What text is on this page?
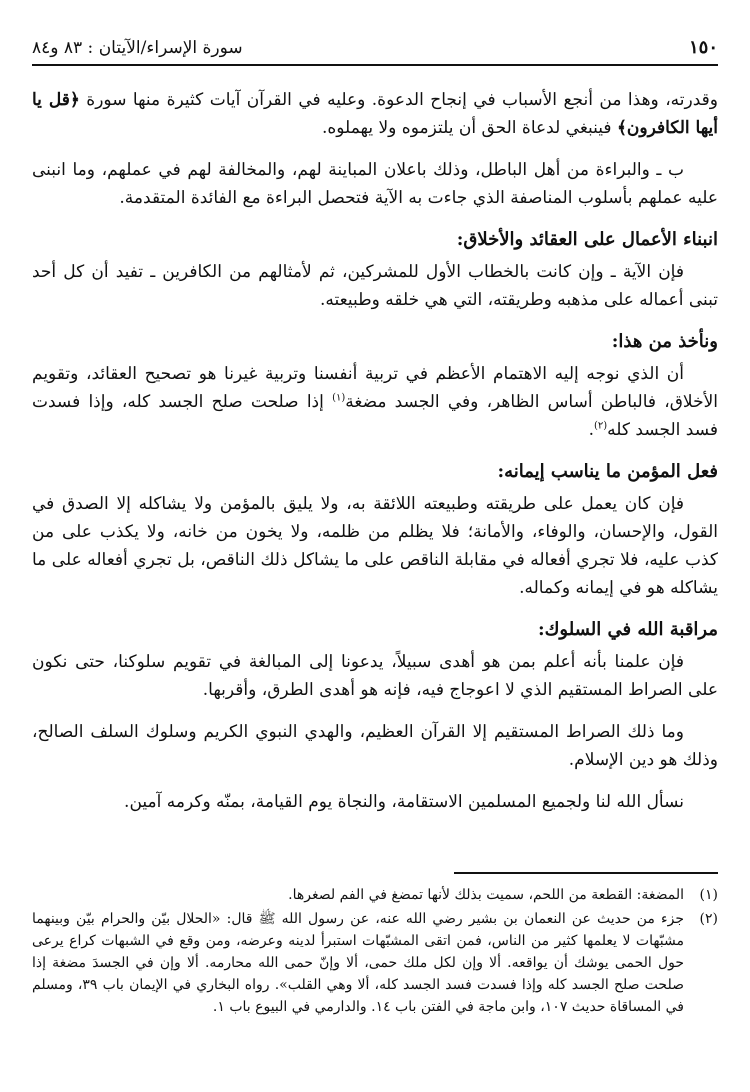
١٥٠
سورة الإسراء/الآيتان : ٨٣ و٨٤

وقدرته، وهذا من أنجع الأسباب في إنجاح الدعوة. وعليه في القرآن آيات كثيرة منها سورة ﴿قل يا أيها الكافرون﴾ فينبغي لدعاة الحق أن يلتزموه ولا يهملوه.

ب ـ والبراءة من أهل الباطل، وذلك باعلان المباينة لهم، والمخالفة لهم في عملهم، وما انبنى عليه عملهم بأسلوب المناصفة الذي جاءت به الآية فتحصل البراءة مع الفائدة المتقدمة.

انبناء الأعمال على العقائد والأخلاق:

فإن الآية ـ وإن كانت بالخطاب الأول للمشركين، ثم لأمثالهم من الكافرين ـ تفيد أن كل أحد تبنى أعماله على مذهبه وطريقته، التي هي خلقه وطبيعته.

ونأخذ من هذا:

أن الذي نوجه إليه الاهتمام الأعظم في تربية أنفسنا وتربية غيرنا هو تصحيح العقائد، وتقويم الأخلاق، فالباطن أساس الظاهر، وفي الجسد مضغة$^{(١)}$ إذا صلحت صلح الجسد كله، وإذا فسدت فسد الجسد كله$^{(٢)}$.

فعل المؤمن ما يناسب إيمانه:

فإن كان يعمل على طريقته وطبيعته اللائقة به، ولا يليق بالمؤمن ولا يشاكله إلا الصدق في القول، والإحسان، والوفاء، والأمانة؛ فلا يظلم من ظلمه، ولا يخون من خانه، ولا يكذب على من كذب عليه، فلا تجري أفعاله في مقابلة الناقص على ما يشاكل ذلك الناقص، بل تجري أفعاله على ما يشاكله هو في إيمانه وكماله.

مراقبة الله في السلوك:

فإن علمنا بأنه أعلم بمن هو أهدى سبيلاً، يدعونا إلى المبالغة في تقويم سلوكنا، حتى نكون على الصراط المستقيم الذي لا اعوجاج فيه، فإنه هو أهدى الطرق، وأقربها.

وما ذلك الصراط المستقيم إلا القرآن العظيم، والهدي النبوي الكريم وسلوك السلف الصالح، وذلك هو دين الإسلام.

نسأل الله لنا ولجميع المسلمين الاستقامة، والنجاة يوم القيامة، بمنّه وكرمه آمين.

(١)
المضغة: القطعة من اللحم، سميت بذلك لأنها تمضغ في الفم لصغرها.
(٢)
جزء من حديث عن النعمان بن بشير رضي الله عنه، عن رسول الله ﷺ قال: «الحلال بيّن والحرام بيّن وبينهما مشبّهات لا يعلمها كثير من الناس، فمن اتقى المشبّهات استبرأ لدينه وعرضه، ومن وقع في الشبهات كراع يرعى حول الحمى يوشك أن يواقعه. ألا وإن لكل ملك حمى، ألا وإنّ حمى الله محارمه. ألا وإن في الجسدَ مضغة إذا صلحت صلح الجسد كله وإذا فسدت فسد الجسد كله، ألا وهي القلب». رواه البخاري في الإيمان باب ٣٩، ومسلم في المساقاة حديث ١٠٧، وابن ماجة في الفتن باب ١٤. والدارمي في البيوع باب ١.
